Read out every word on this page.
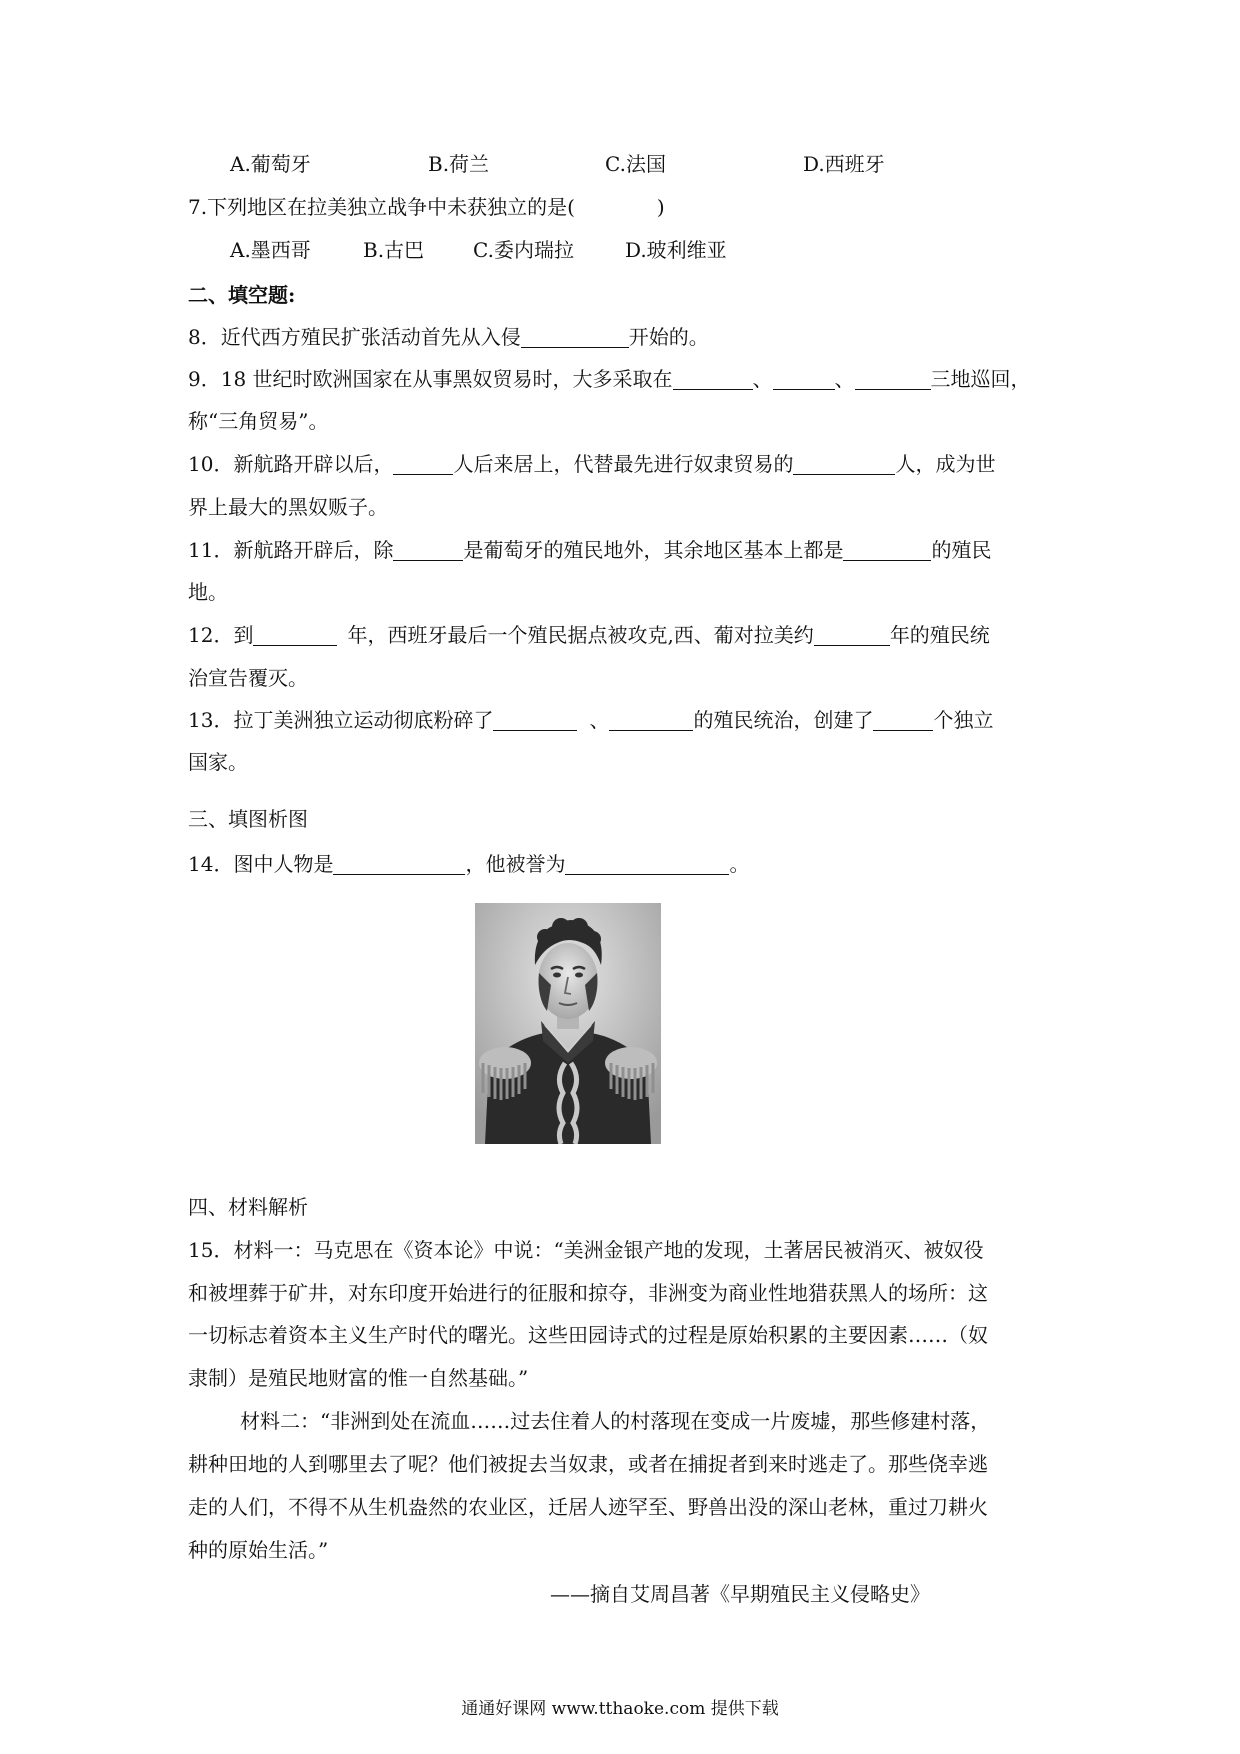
A.葡萄牙	B.荷兰	C.法国	D.西班牙
7.下列地区在拉美独立战争中未获独立的是(	)
A.墨西哥	B.古巴 C.委内瑞拉	D.玻利维亚
二、填空题:
8．近代西方殖民扩张活动首先从入侵	开始的。
9．18 世纪时欧洲国家在从事黑奴贸易时，大多采取在	、	、	三地巡回，
称“三角贸易”。
10．新航路开辟以后，	人后来居上，代替最先进行奴隶贸易的	人，成为世
界上最大的黑奴贩子。
11．新航路开辟后，除	是葡萄牙的殖民地外，其余地区基本上都是	的殖民
地。
12．到	年，西班牙最后一个殖民据点被攻克,西、葡对拉美约	年的殖民统
治宣告覆灭。
13．拉丁美洲独立运动彻底粉碎了	、	的殖民统治，创建了	个独立
国家。
三、填图析图
14．图中人物是	，他被誉为	。
四、材料解析
15．材料一：马克思在《资本论》中说：“美洲金银产地的发现，土著居民被消灭、被奴役
和被埋葬于矿井，对东印度开始进行的征服和掠夺，非洲变为商业性地猎获黑人的场所：这
一切标志着资本主义生产时代的曙光。这些田园诗式的过程是原始积累的主要因素……（奴
隶制）是殖民地财富的惟一自然基础。”
材料二：“非洲到处在流血……过去住着人的村落现在变成一片废墟，那些修建村落，
耕种田地的人到哪里去了呢？他们被捉去当奴隶，或者在捕捉者到来时逃走了。那些侥幸逃
走的人们，不得不从生机盎然的农业区，迁居人迹罕至、野兽出没的深山老林，重过刀耕火
种的原始生活。”
——摘自艾周昌著《早期殖民主义侵略史》
通通好课网 www.tthaoke.com 提供下载
